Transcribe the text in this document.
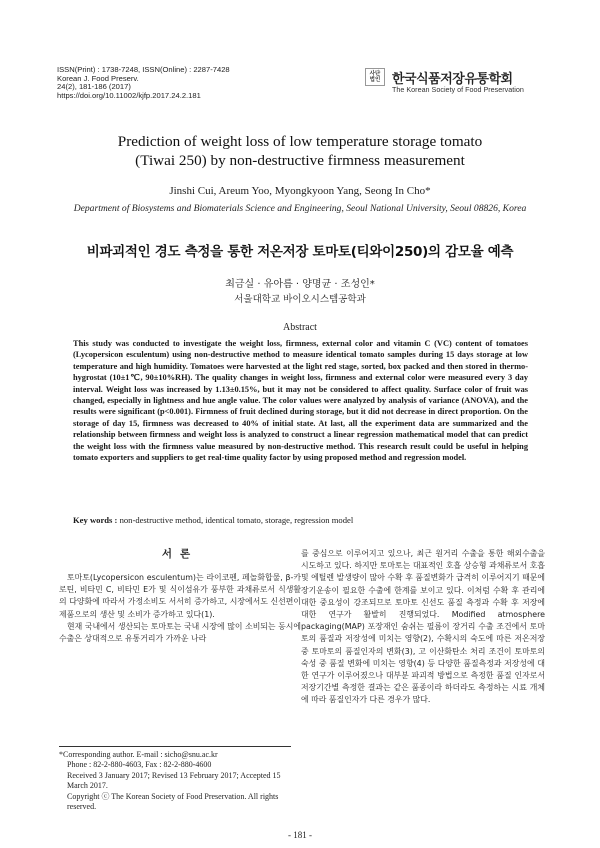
ISSN(Print) : 1738-7248, ISSN(Online) : 2287-7428
Korean J. Food Preserv.
24(2), 181-186 (2017)
https://doi.org/10.11002/kjfp.2017.24.2.181
사단 법인 한국식품저장유통학회
The Korean Society of Food Preservation
Prediction of weight loss of low temperature storage tomato
(Tiwai 250) by non-destructive firmness measurement
Jinshi Cui, Areum Yoo, Myongkyoon Yang, Seong In Cho*
Department of Biosystems and Biomaterials Science and Engineering, Seoul National University, Seoul 08826, Korea
비파괴적인 경도 측정을 통한 저온저장 토마토(티와이250)의 감모율 예측
최금실 · 유아름 · 양명균 · 조성인*
서울대학교 바이오시스템공학과
Abstract
This study was conducted to investigate the weight loss, firmness, external color and vitamin C (VC) content of tomatoes (Lycopersicon esculentum) using non-destructive method to measure identical tomato samples during 15 days storage at low temperature and high humidity. Tomatoes were harvested at the light red stage, sorted, box packed and then stored in thermo-hygrostat (10±1℃, 90±10%RH). The quality changes in weight loss, firmness and external color were measured every 3 day interval. Weight loss was increased by 1.13±0.15%, but it may not be considered to affect quality. Surface color of fruit was changed, especially in lightness and hue angle value. The color values were analyzed by analysis of variance (ANOVA), and the results were significant (p<0.001). Firmness of fruit declined during storage, but it did not decrease in direct proportion. On the storage of day 15, firmness was decreased to 40% of initial state. At last, all the experiment data are summarized and the relationship between firmness and weight loss is analyzed to construct a linear regression mathematical model that can predict the weight loss with the firmness value measured by non-destructive method. This research result could be useful in helping tomato exporters and suppliers to get real-time quality factor by using proposed method and regression model.
Key words : non-destructive method, identical tomato, storage, regression model
서론

토마토(Lycopersicon esculentum)는 라이코펜, 페놀화합물, β-카로틴, 비타민 C, 비타민 E가 및 식이섬유가 풍부한 과채류로서 식생활의 다양화에 따라서 가정소비도 서서히 증가하고, 시장에서도 신선편이 제품으로의 생산 및 소비가 증가하고 있다(1).

현재 국내에서 생산되는 토마토는 국내 시장에 많이 소비되는 동시에 수출은 상대적으로 유통거리가 가까운 나라

를 중심으로 이루어지고 있으나, 최근 원거리 수출을 통한 해외수출을 시도하고 있다. 하지만 토마토는 대표적인 호흡 상승형 과채류로서 호흡 및 에틸렌 발생량이 많아 수확 후 품질변화가 급격히 이루어지기 때문에 장기운송이 필요한 수출에 한계를 보이고 있다. 이처럼 수확 후 관리에 대한 중요성이 강조되므로 토마토 신선도 품질 측정과 수확 후 저장에 대한 연구가 활발히 진행되었다. Modified atmosphere packaging(MAP) 포장재인 숨쉬는 필름이 장거리 수출 조건에서 토마토의 품질과 저장성에 미치는 영향(2), 수확시의 숙도에 따른 저온저장 중 토마토의 품질인자의 변화(3), 고 이산화탄소 처리 조건이 토마토의 숙성 중 품질 변화에 미치는 영향(4) 등 다양한 품질측정과 저장성에 대한 연구가 이루어졌으나 대부분 파괴적 방법으로 측정한 품질 인자로서 저장기간별 측정한 결과는 같은 품종이라 하더라도 측정하는 시료 개체에 따라 품질인자가 다른 경우가 많다.

*Corresponding author. E-mail : sicho@snu.ac.kr
Phone : 82-2-880-4603, Fax : 82-2-880-4600
Received 3 January 2017; Revised 13 February 2017; Accepted 15 March 2017.
Copyright ⓒ The Korean Society of Food Preservation. All rights reserved.
- 181 -
